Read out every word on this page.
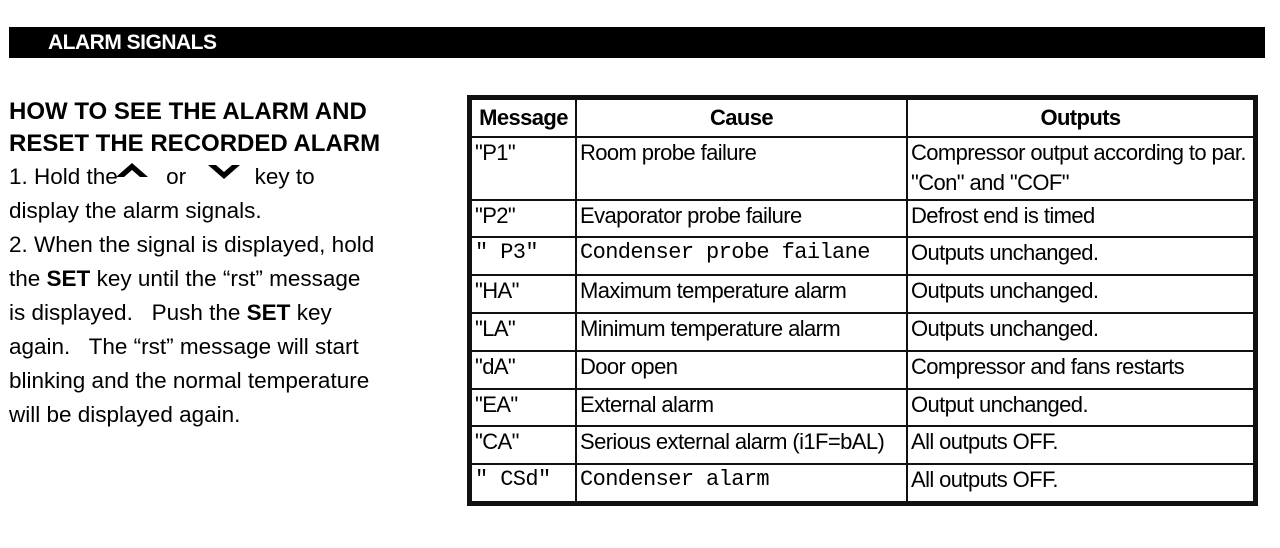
ALARM SIGNALS
HOW TO SEE THE ALARM AND
RESET THE RECORDED ALARM
1. Hold the or	key to
display the alarm signals.
2. When the signal is displayed, hold
the SET key until the “rst” message
is displayed.   Push the SET key
again.   The “rst” message will start
blinking and the normal temperature
will be displayed again.
Message	Cause	Outputs
"P1"	Room probe failure	Compressor output according to par.
"Con" and "COF"

"P2"	Evaporator probe failure	Defrost end is timed
" P3"	Condenser probe failane	Outputs unchanged.
"HA"	Maximum temperature alarm	Outputs unchanged.
"LA"	Minimum temperature alarm	Outputs unchanged.
"dA"	Door open	Compressor and fans restarts
"EA"	External alarm	Output unchanged.
"CA"	Serious external alarm (i1F=bAL)	All outputs OFF.
" CSd"	Condenser alarm	All outputs OFF.
